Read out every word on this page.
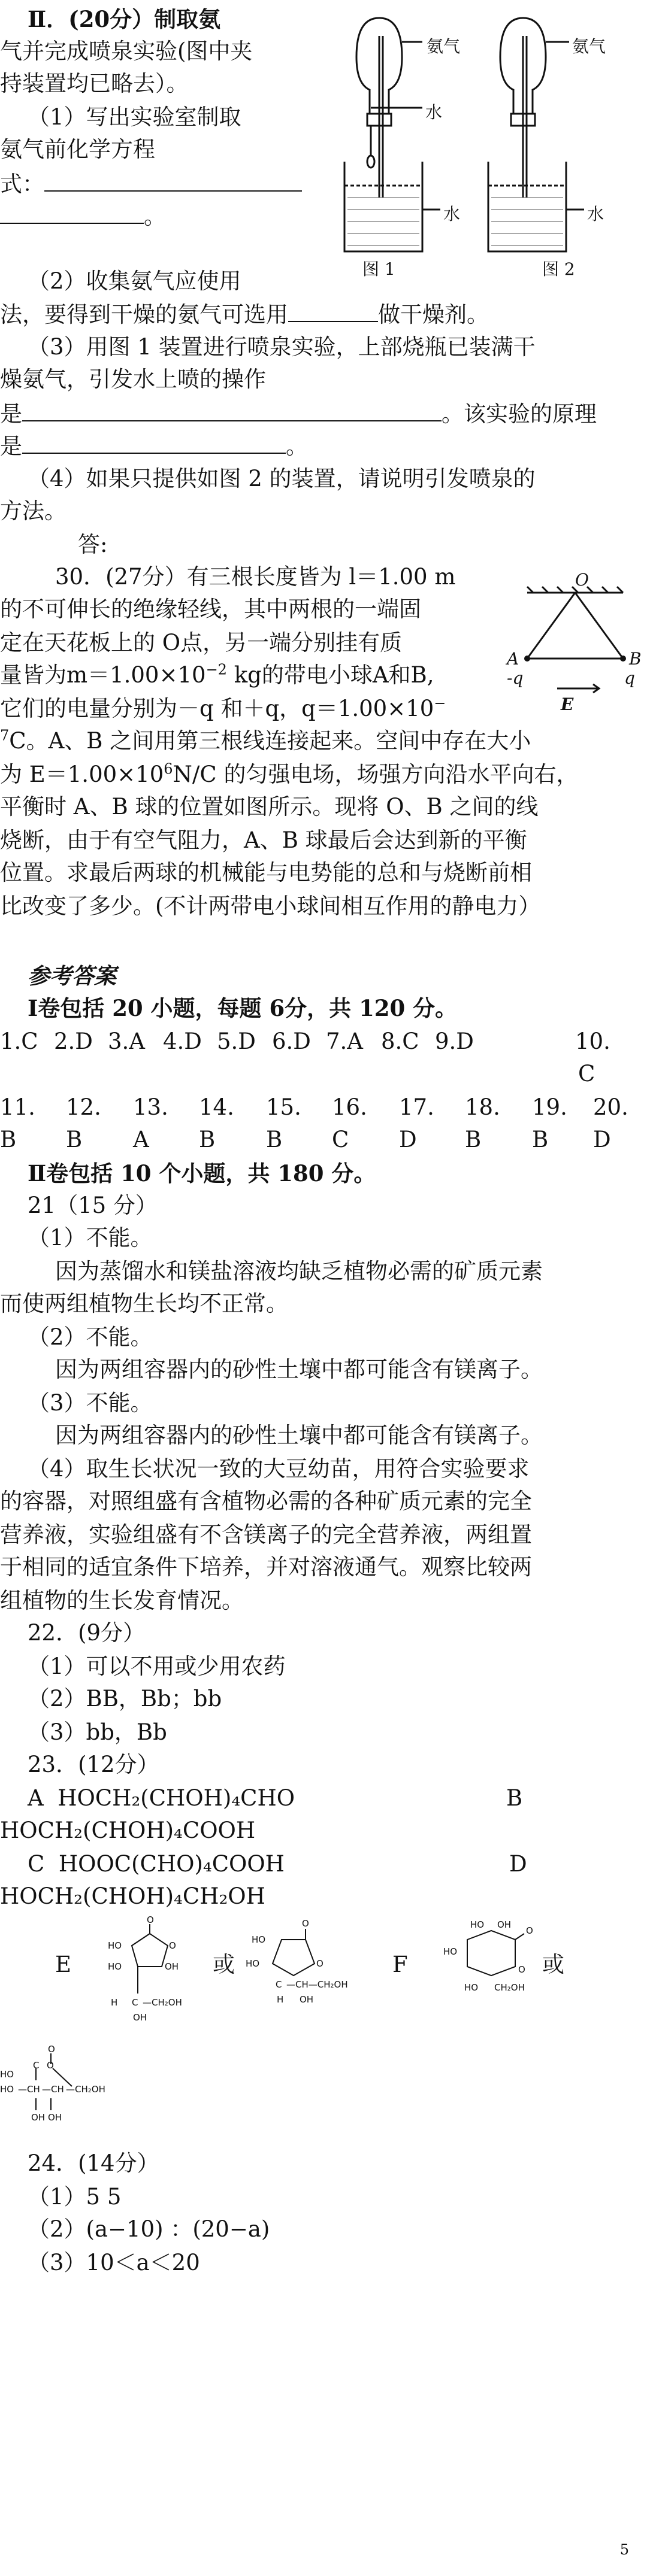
Ⅱ．(20分）制取氨
气并完成喷泉实验(图中夹
持装置均已略去）。
（1）写出实验室制取
氨气前化学方程
式：
。
氨气
水
水
图 1
氨气
水
图 2
（2）收集氨气应使用
法，要得到干燥的氨气可选用	做干燥剂。
（3）用图 1 装置进行喷泉实验，上部烧瓶已装满干
燥氨气，引发水上喷的操作
是	。该实验的原理
是	。
（4）如果只提供如图 2 的装置，请说明引发喷泉的
方法。
答:
30．(27分）有三根长度皆为 l＝1.00 m
的不可伸长的绝缘轻线，其中两根的一端固
定在天花板上的 O点，另一端分别挂有质
量皆为$m=1.00\times 10^{-2}$ kg的带电小球A和B,
它们的电量分别为－q 和＋q，q＝1.00×10−
$^7$C。A、B 之间用第三根线连接起来。空间中存在大小
为 $E=1.00\times 10^6N/C$ 的匀强电场，场强方向沿水平向右，
平衡时 A、B 球的位置如图所示。现将 O、B 之间的线
烧断，由于有空气阻力，A、B 球最后会达到新的平衡
位置。求最后两球的机械能与电势能的总和与烧断前相
比改变了多少。(不计两带电小球间相互作用的静电力）
O
A	B
-q	q
E
参考答案
Ⅰ卷包括 20 小题，每题 6分，共 120 分。
1.C 2.D 3.A 4.D 5.D 6.D 7.A 8.C 9.D	10.
C
11. 12. 13. 14. 15. 16. 17. 18. 19. 20.
B B A B B C D B B D
Ⅱ卷包括 10 个小题，共 180 分。
21（15 分）
（1）不能。
因为蒸馏水和镁盐溶液均缺乏植物必需的矿质元素
而使两组植物生长均不正常。
（2）不能。
因为两组容器内的砂性土壤中都可能含有镁离子。
（3）不能。
因为两组容器内的砂性土壤中都可能含有镁离子。
（4）取生长状况一致的大豆幼苗，用符合实验要求
的容器，对照组盛有含植物必需的各种矿质元素的完全
营养液，实验组盛有不含镁离子的完全营养液，两组置
于相同的适宜条件下培养，并对溶液通气。观察比较两
组植物的生长发育情况。
22．(9分）
（1）可以不用或少用农药
（2）BB，Bb；bb
（3）bb，Bb
23．(12分）
A HOCH₂(CHOH)₄CHO	B
HOCH₂(CHOH)₄COOH
C HOOC(CHO)₄COOH	D
HOCH₂(CHOH)₄CH₂OH
E
O
HO	O
HO	OH
H C —CH₂OH
OH
或
O
HO
HO	O
C —CH—CH₂OH
H OH
F
HO OH
O
HO
O
HO CH₂OH
或
O
C O
HO —CH —CH —CH₂OH
HO
OH OH
24．(14分）
（1）5 5
（2）(a−10) ：(20−a)
（3）10＜a＜20
5
